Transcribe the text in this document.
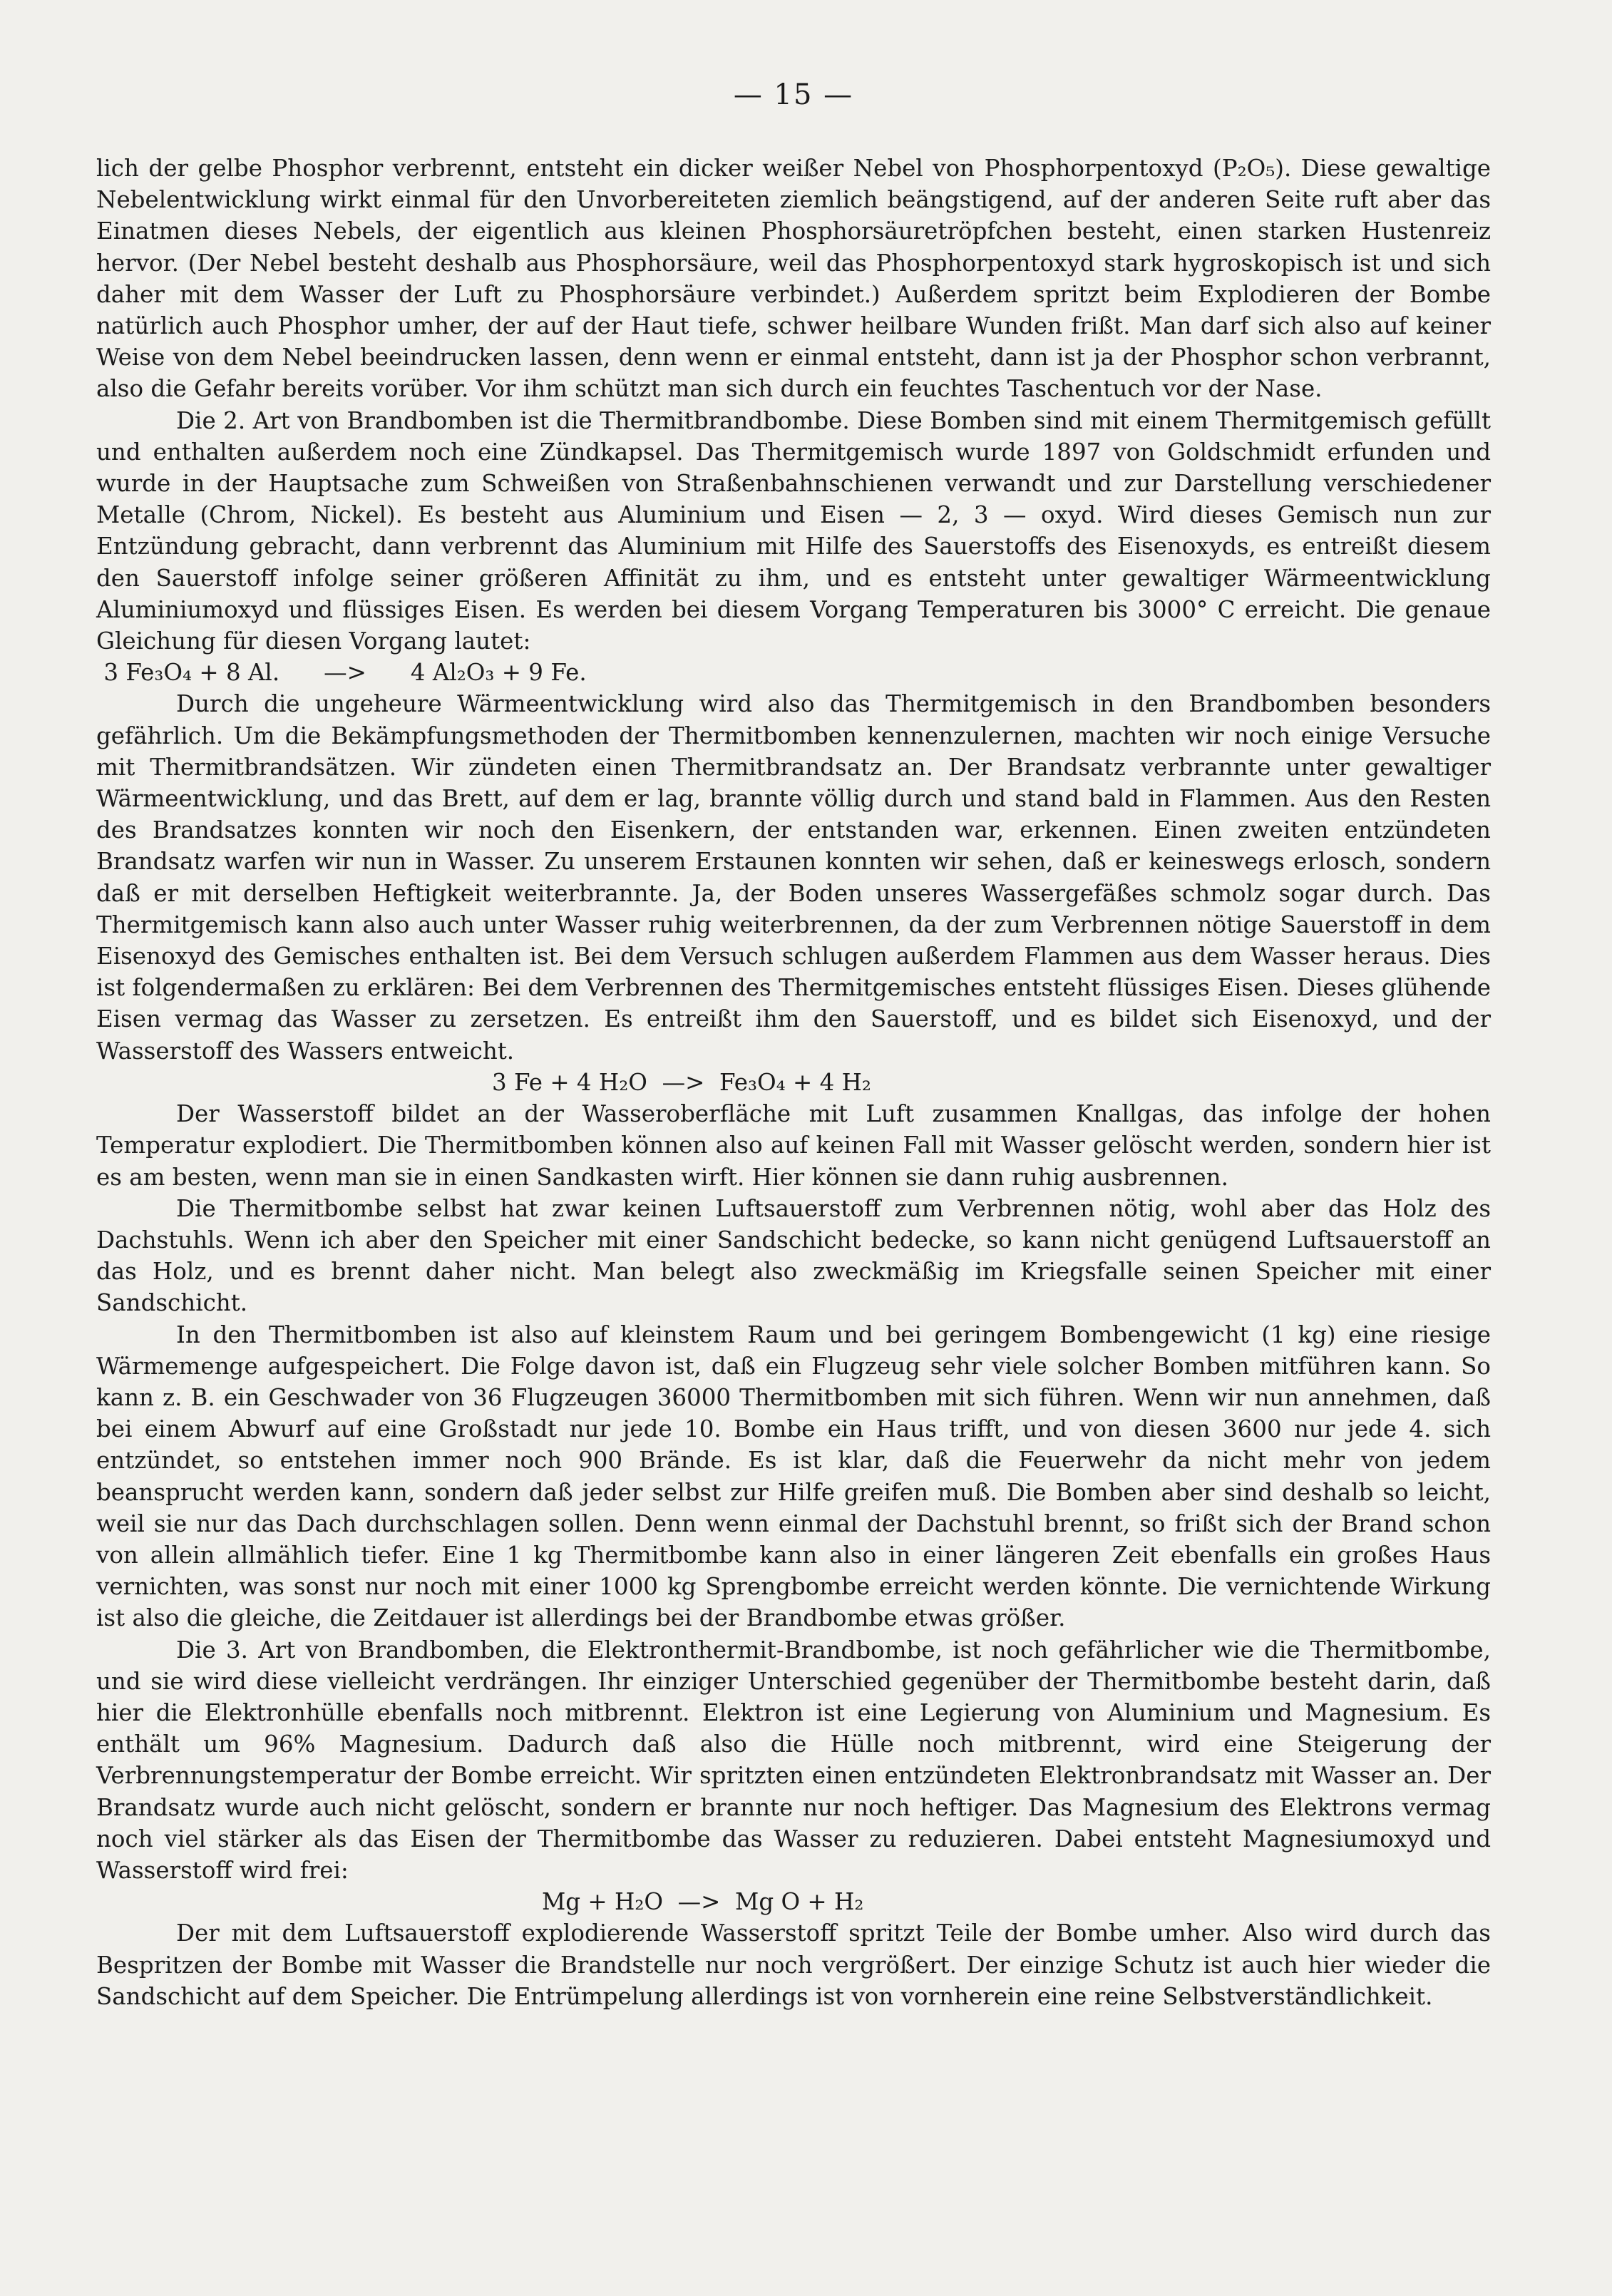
— 15 —

lich der gelbe Phosphor verbrennt, entsteht ein dicker weißer Nebel von Phosphorpentoxyd (P₂O₅). Diese gewaltige Nebelentwicklung wirkt einmal für den Unvorbereiteten ziemlich beängstigend, auf der anderen Seite ruft aber das Einatmen dieses Nebels, der eigentlich aus kleinen Phosphorsäuretröpfchen besteht, einen starken Hustenreiz hervor. (Der Nebel besteht deshalb aus Phosphorsäure, weil das Phosphorpentoxyd stark hygroskopisch ist und sich daher mit dem Wasser der Luft zu Phosphorsäure verbindet.) Außerdem spritzt beim Explodieren der Bombe natürlich auch Phosphor umher, der auf der Haut tiefe, schwer heilbare Wunden frißt. Man darf sich also auf keiner Weise von dem Nebel beeindrucken lassen, denn wenn er einmal entsteht, dann ist ja der Phosphor schon verbrannt, also die Gefahr bereits vorüber. Vor ihm schützt man sich durch ein feuchtes Taschentuch vor der Nase.

Die 2. Art von Brandbomben ist die Thermitbrandbombe. Diese Bomben sind mit einem Thermitgemisch gefüllt und enthalten außerdem noch eine Zündkapsel. Das Thermitgemisch wurde 1897 von Goldschmidt erfunden und wurde in der Hauptsache zum Schweißen von Straßenbahnschienen verwandt und zur Darstellung verschiedener Metalle (Chrom, Nickel). Es besteht aus Aluminium und Eisen — 2, 3 — oxyd. Wird dieses Gemisch nun zur Entzündung gebracht, dann verbrennt das Aluminium mit Hilfe des Sauerstoffs des Eisenoxyds, es entreißt diesem den Sauerstoff infolge seiner größeren Affinität zu ihm, und es entsteht unter gewaltiger Wärmeentwicklung Aluminiumoxyd und flüssiges Eisen. Es werden bei diesem Vorgang Temperaturen bis 3000° C erreicht. Die genaue Gleichung für diesen Vorgang lautet:

3 Fe₃O₄ + 8 Al.      —>      4 Al₂O₃ + 9 Fe.

Durch die ungeheure Wärmeentwicklung wird also das Thermitgemisch in den Brandbomben besonders gefährlich. Um die Bekämpfungsmethoden der Thermitbomben kennenzulernen, machten wir noch einige Versuche mit Thermitbrandsätzen. Wir zündeten einen Thermitbrandsatz an. Der Brandsatz verbrannte unter gewaltiger Wärmeentwicklung, und das Brett, auf dem er lag, brannte völlig durch und stand bald in Flammen. Aus den Resten des Brandsatzes konnten wir noch den Eisenkern, der entstanden war, erkennen. Einen zweiten entzündeten Brandsatz warfen wir nun in Wasser. Zu unserem Erstaunen konnten wir sehen, daß er keineswegs erlosch, sondern daß er mit derselben Heftigkeit weiterbrannte. Ja, der Boden unseres Wassergefäßes schmolz sogar durch. Das Thermitgemisch kann also auch unter Wasser ruhig weiterbrennen, da der zum Verbrennen nötige Sauerstoff in dem Eisenoxyd des Gemisches enthalten ist. Bei dem Versuch schlugen außerdem Flammen aus dem Wasser heraus. Dies ist folgendermaßen zu erklären: Bei dem Verbrennen des Thermitgemisches entsteht flüssiges Eisen. Dieses glühende Eisen vermag das Wasser zu zersetzen. Es entreißt ihm den Sauerstoff, und es bildet sich Eisenoxyd, und der Wasserstoff des Wassers entweicht.

3 Fe + 4 H₂O  —>  Fe₃O₄ + 4 H₂

Der Wasserstoff bildet an der Wasseroberfläche mit Luft zusammen Knallgas, das infolge der hohen Temperatur explodiert. Die Thermitbomben können also auf keinen Fall mit Wasser gelöscht werden, sondern hier ist es am besten, wenn man sie in einen Sandkasten wirft. Hier können sie dann ruhig ausbrennen.

Die Thermitbombe selbst hat zwar keinen Luftsauerstoff zum Verbrennen nötig, wohl aber das Holz des Dachstuhls. Wenn ich aber den Speicher mit einer Sandschicht bedecke, so kann nicht genügend Luftsauerstoff an das Holz, und es brennt daher nicht. Man belegt also zweckmäßig im Kriegsfalle seinen Speicher mit einer Sandschicht.

In den Thermitbomben ist also auf kleinstem Raum und bei geringem Bombengewicht (1 kg) eine riesige Wärmemenge aufgespeichert. Die Folge davon ist, daß ein Flugzeug sehr viele solcher Bomben mitführen kann. So kann z. B. ein Geschwader von 36 Flugzeugen 36000 Thermitbomben mit sich führen. Wenn wir nun annehmen, daß bei einem Abwurf auf eine Großstadt nur jede 10. Bombe ein Haus trifft, und von diesen 3600 nur jede 4. sich entzündet, so entstehen immer noch 900 Brände. Es ist klar, daß die Feuerwehr da nicht mehr von jedem beansprucht werden kann, sondern daß jeder selbst zur Hilfe greifen muß. Die Bomben aber sind deshalb so leicht, weil sie nur das Dach durchschlagen sollen. Denn wenn einmal der Dachstuhl brennt, so frißt sich der Brand schon von allein allmählich tiefer. Eine 1 kg Thermitbombe kann also in einer längeren Zeit ebenfalls ein großes Haus vernichten, was sonst nur noch mit einer 1000 kg Sprengbombe erreicht werden könnte. Die vernichtende Wirkung ist also die gleiche, die Zeitdauer ist allerdings bei der Brandbombe etwas größer.

Die 3. Art von Brandbomben, die Elektronthermit-Brandbombe, ist noch gefährlicher wie die Thermitbombe, und sie wird diese vielleicht verdrängen. Ihr einziger Unterschied gegenüber der Thermitbombe besteht darin, daß hier die Elektronhülle ebenfalls noch mitbrennt. Elektron ist eine Legierung von Aluminium und Magnesium. Es enthält um 96% Magnesium. Dadurch daß also die Hülle noch mitbrennt, wird eine Steigerung der Verbrennungstemperatur der Bombe erreicht. Wir spritzten einen entzündeten Elektronbrandsatz mit Wasser an. Der Brandsatz wurde auch nicht gelöscht, sondern er brannte nur noch heftiger. Das Magnesium des Elektrons vermag noch viel stärker als das Eisen der Thermitbombe das Wasser zu reduzieren. Dabei entsteht Magnesiumoxyd und Wasserstoff wird frei:

Mg + H₂O  —>  Mg O + H₂

Der mit dem Luftsauerstoff explodierende Wasserstoff spritzt Teile der Bombe umher. Also wird durch das Bespritzen der Bombe mit Wasser die Brandstelle nur noch vergrößert. Der einzige Schutz ist auch hier wieder die Sandschicht auf dem Speicher. Die Entrümpelung allerdings ist von vornherein eine reine Selbstverständlichkeit.
